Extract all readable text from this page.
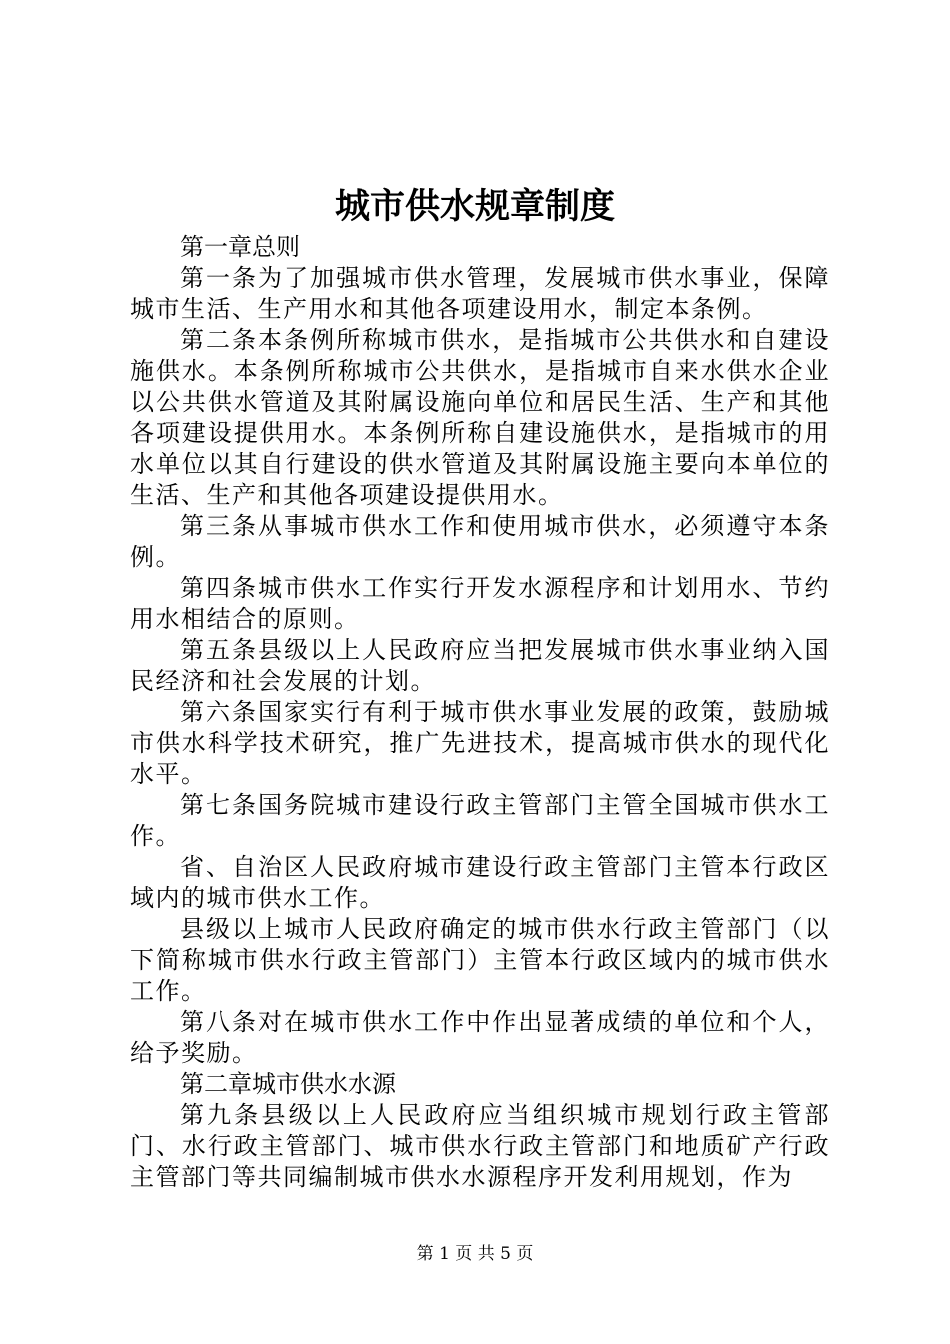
城市供水规章制度

第一章总则

第一条为了加强城市供水管理，发展城市供水事业，保障城市生活、生产用水和其他各项建设用水，制定本条例。

第二条本条例所称城市供水，是指城市公共供水和自建设施供水。本条例所称城市公共供水，是指城市自来水供水企业以公共供水管道及其附属设施向单位和居民生活、生产和其他各项建设提供用水。本条例所称自建设施供水，是指城市的用水单位以其自行建设的供水管道及其附属设施主要向本单位的生活、生产和其他各项建设提供用水。

第三条从事城市供水工作和使用城市供水，必须遵守本条例。

第四条城市供水工作实行开发水源程序和计划用水、节约用水相结合的原则。

第五条县级以上人民政府应当把发展城市供水事业纳入国民经济和社会发展的计划。

第六条国家实行有利于城市供水事业发展的政策，鼓励城市供水科学技术研究，推广先进技术，提高城市供水的现代化水平。

第七条国务院城市建设行政主管部门主管全国城市供水工作。

省、自治区人民政府城市建设行政主管部门主管本行政区域内的城市供水工作。

县级以上城市人民政府确定的城市供水行政主管部门（以下简称城市供水行政主管部门）主管本行政区域内的城市供水工作。

第八条对在城市供水工作中作出显著成绩的单位和个人，给予奖励。

第二章城市供水水源

第九条县级以上人民政府应当组织城市规划行政主管部门、水行政主管部门、城市供水行政主管部门和地质矿产行政主管部门等共同编制城市供水水源程序开发利用规划，作为

第 1 页 共 5 页
